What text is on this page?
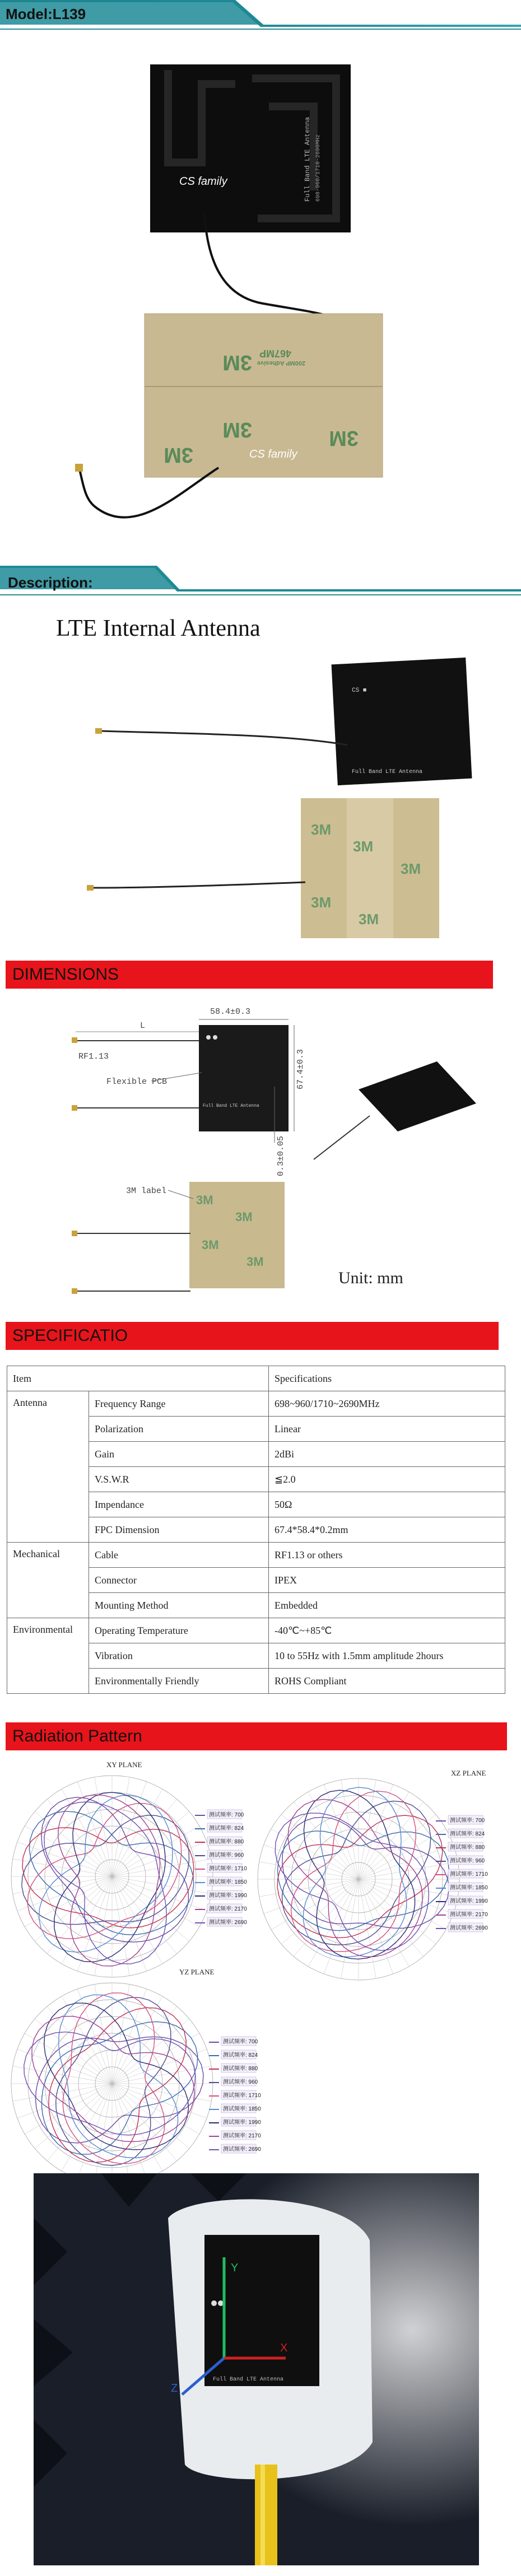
Model:L139
CS family	Full Band LTE Antenna 698-960/1710-2690MHz
3M 467MP
200MP Adhesive
3M
3M
3M
CS family
Description:
LTE Internal Antenna
CS ■
Full Band LTE Antenna
3M
3M
3M
3M
3M
DIMENSIONS
Full Band LTE Antenna
58.4±0.3
67.4±0.3
L
RF1.13
Flexible PCB
0.3±0.05
3M
3M
3M
3M
3M label
Unit: mm
SPECIFICATIO
Item		Specifications
Antenna	Frequency Range	698~960/1710~2690MHz
	Polarization	Linear
	Gain	2dBi
	V.S.W.R	≦2.0
	Impendance	50Ω
	FPC Dimension	67.4*58.4*0.2mm
Mechanical	Cable	RF1.13 or others
	Connector	IPEX
	Mounting Method	Embedded
Environmental	Operating Temperature	-40℃~+85℃
	Vibration	10 to 55Hz with 1.5mm amplitude 2hours
	Environmentally Friendly	ROHS Compliant
Radiation Pattern
XY PLANE
测试频率: 700
测试频率: 824
测试频率: 880
测试频率: 960
测试频率: 1710
测试频率: 1850
测试频率: 1990
测试频率: 2170
测试频率: 2690
XZ PLANE
测试频率: 700
测试频率: 824
测试频率: 880
测试频率: 960
测试频率: 1710
测试频率: 1850
测试频率: 1990
测试频率: 2170
测试频率: 2690
YZ PLANE
测试频率: 700
测试频率: 824
测试频率: 880
测试频率: 960
测试频率: 1710
测试频率: 1850
测试频率: 1990
测试频率: 2170
测试频率: 2690
Full Band LTE Antenna
Y
X
Z
